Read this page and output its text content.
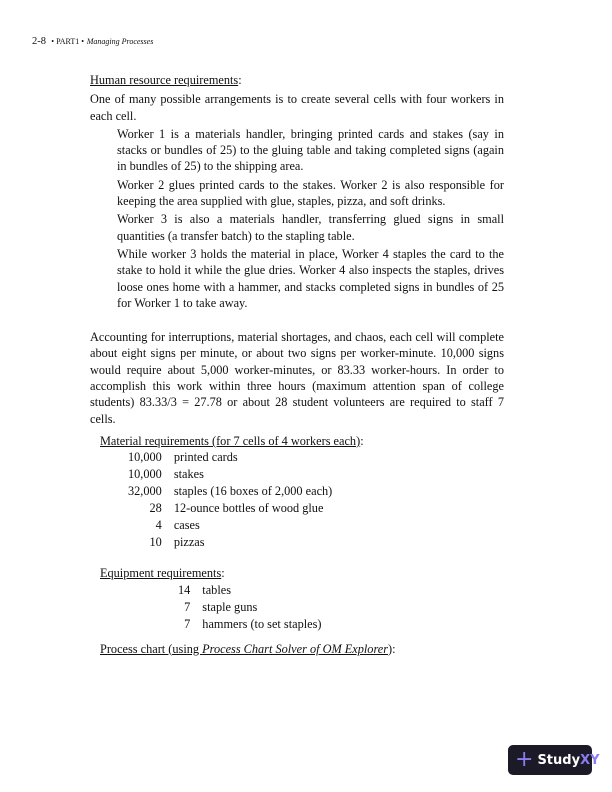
2-8 • PART1 • Managing Processes

Human resource requirements:

One of many possible arrangements is to create several cells with four workers in each cell.

Worker 1 is a materials handler, bringing printed cards and stakes (say in stacks or bundles of 25) to the gluing table and taking completed signs (again in bundles of 25) to the shipping area.

Worker 2 glues printed cards to the stakes. Worker 2 is also responsible for keeping the area supplied with glue, staples, pizza, and soft drinks.

Worker 3 is also a materials handler, transferring glued signs in small quantities (a transfer batch) to the stapling table.

While worker 3 holds the material in place, Worker 4 staples the card to the stake to hold it while the glue dries. Worker 4 also inspects the staples, drives loose ones home with a hammer, and stacks completed signs in bundles of 25 for Worker 1 to take away.

Accounting for interruptions, material shortages, and chaos, each cell will complete about eight signs per minute, or about two signs per worker-minute. 10,000 signs would require about 5,000 worker-minutes, or 83.33 worker-hours. In order to accomplish this work within three hours (maximum attention span of college students) 83.33/3 = 27.78 or about 28 student volunteers are required to staff 7 cells.

Material requirements (for 7 cells of 4 workers each):

10,000	printed cards
10,000	stakes
32,000	staples (16 boxes of 2,000 each)
28	12-ounce bottles of wood glue
4	cases
10	pizzas

Equipment requirements:

14	tables
7	staple guns
7	hammers (to set staples)

Process chart (using Process Chart Solver of OM Explorer):

+ Study XY
